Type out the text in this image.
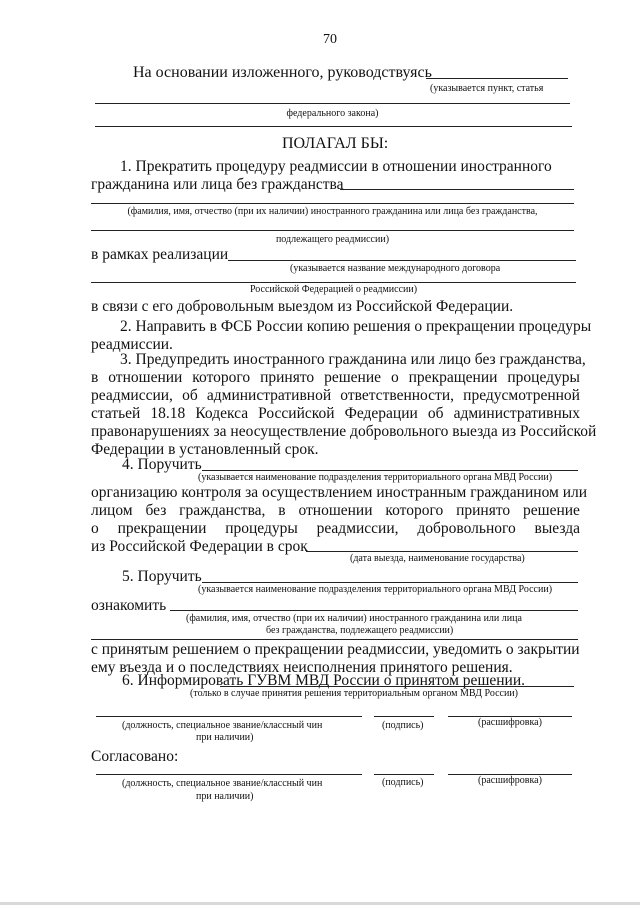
70
На основании изложенного, руководствуясь
(указывается пункт, статья
федерального закона)
ПОЛАГАЛ БЫ:
1. Прекратить процедуру реадмиссии в отношении иностранного
гражданина или лица без гражданства
(фамилия, имя, отчество (при их наличии) иностранного гражданина или лица без гражданства,
подлежащего реадмиссии)
в рамках реализации
(указывается название международного договора
Российской Федерацией о реадмиссии)
в связи с его добровольным выездом из Российской Федерации.
2. Направить в ФСБ России копию решения о прекращении процедуры
реадмиссии.
3. Предупредить иностранного гражданина или лицо без гражданства,
в отношении которого принято решение о прекращении процедуры
реадмиссии, об административной ответственности, предусмотренной
статьей 18.18 Кодекса Российской Федерации об административных
правонарушениях за неосуществление добровольного выезда из Российской
Федерации в установленный срок.
4. Поручить
(указывается наименование подразделения территориального органа МВД России)
организацию контроля за осуществлением иностранным гражданином или
лицом без гражданства, в отношении которого принято решение
о прекращении процедуры реадмиссии, добровольного выезда
из Российской Федерации в срок
(дата выезда, наименование государства)
5. Поручить
(указывается наименование подразделения территориального органа МВД России)
ознакомить
(фамилия, имя, отчество (при их наличии) иностранного гражданина или лица
без гражданства, подлежащего реадмиссии)
с принятым решением о прекращении реадмиссии, уведомить о закрытии
ему въезда и о последствиях неисполнения принятого решения.
6. Информировать ГУВМ МВД России о принятом решении.
(только в случае принятия решения территориальным органом МВД России)
(должность, специальное звание/классный чин
при наличии)
(подпись)	(расшифровка)
Согласовано:
(должность, специальное звание/классный чин
при наличии)
(подпись)	(расшифровка)
